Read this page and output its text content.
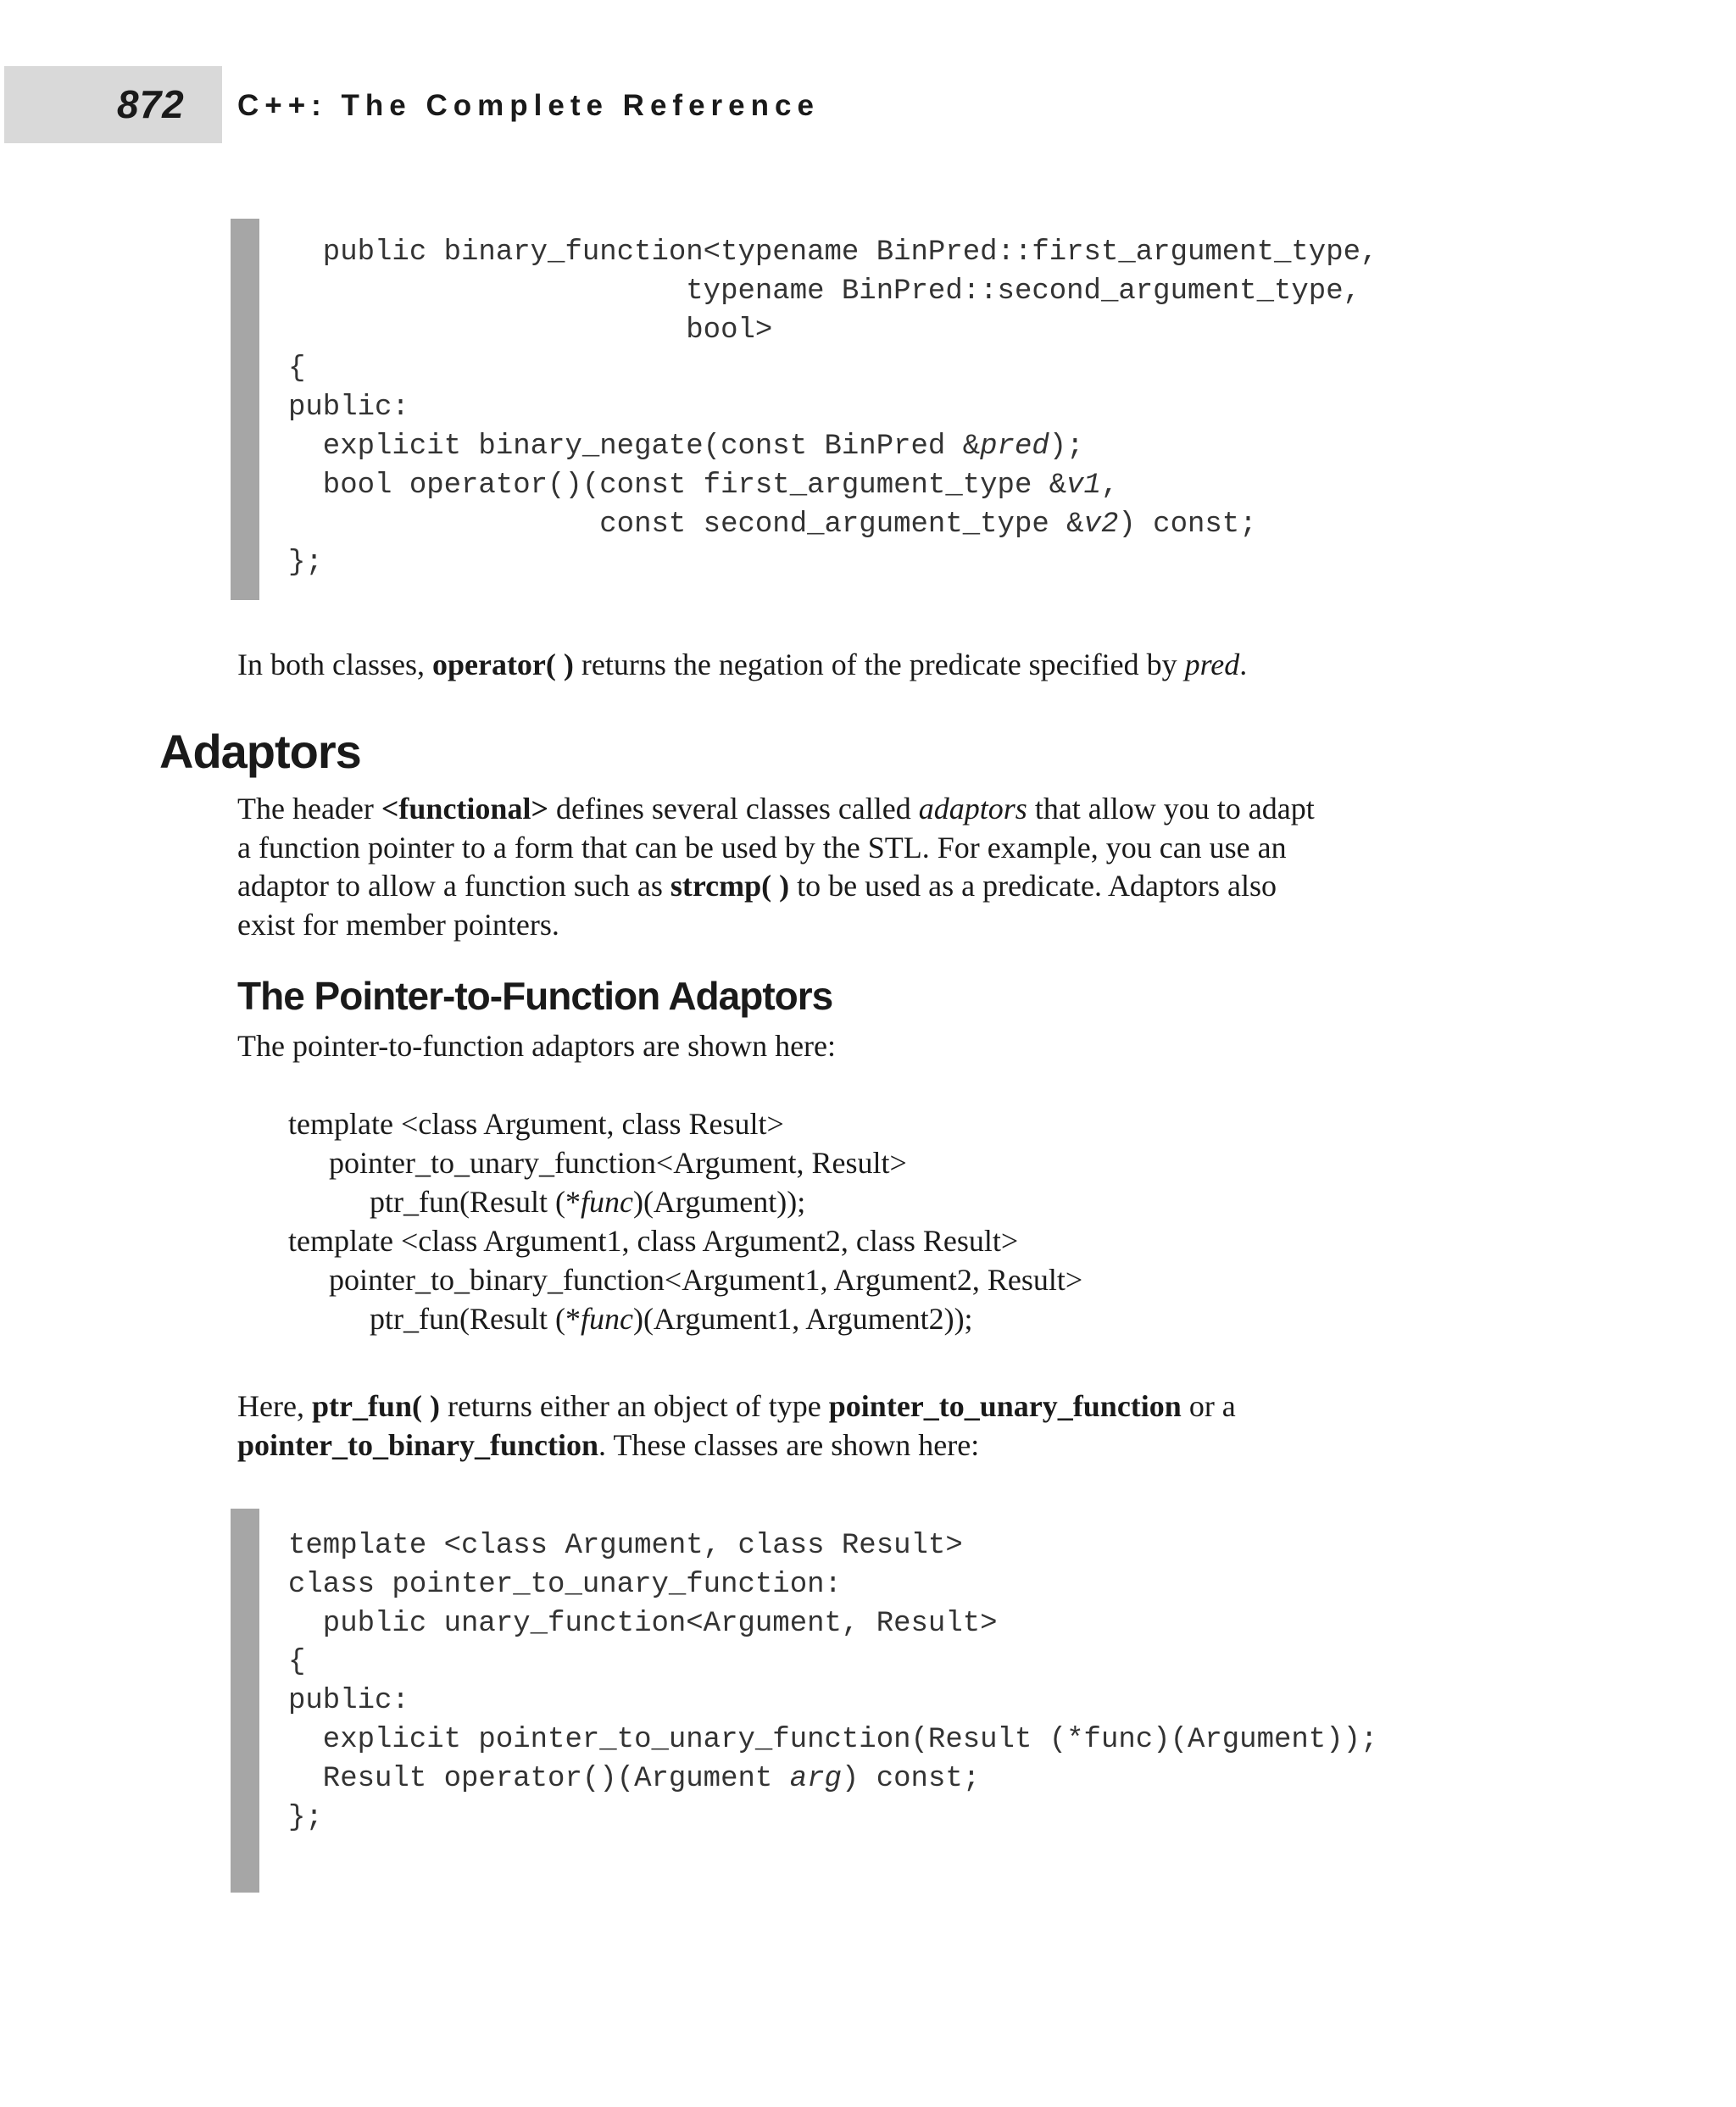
872 C++: The Complete Reference
public binary_function<typename BinPred::first_argument_type,
typename BinPred::second_argument_type,
bool>
{
public:
explicit binary_negate(const BinPred &pred);
bool operator()(const first_argument_type &v1,
const second_argument_type &v2) const;
};
In both classes, operator( ) returns the negation of the predicate specified by pred.
Adaptors
The header <functional> defines several classes called adaptors that allow you to adapt
a function pointer to a form that can be used by the STL. For example, you can use an
adaptor to allow a function such as strcmp( ) to be used as a predicate. Adaptors also
exist for member pointers.
The Pointer-to-Function Adaptors
The pointer-to-function adaptors are shown here:
template <class Argument, class Result>
pointer_to_unary_function<Argument, Result>
ptr_fun(Result (*func)(Argument));
template <class Argument1, class Argument2, class Result>
pointer_to_binary_function<Argument1, Argument2, Result>
ptr_fun(Result (*func)(Argument1, Argument2));
Here, ptr_fun( ) returns either an object of type pointer_to_unary_function or a
pointer_to_binary_function. These classes are shown here:
template <class Argument, class Result>
class pointer_to_unary_function:
public unary_function<Argument, Result>
{
public:
explicit pointer_to_unary_function(Result (*func)(Argument));
Result operator()(Argument arg) const;
};
